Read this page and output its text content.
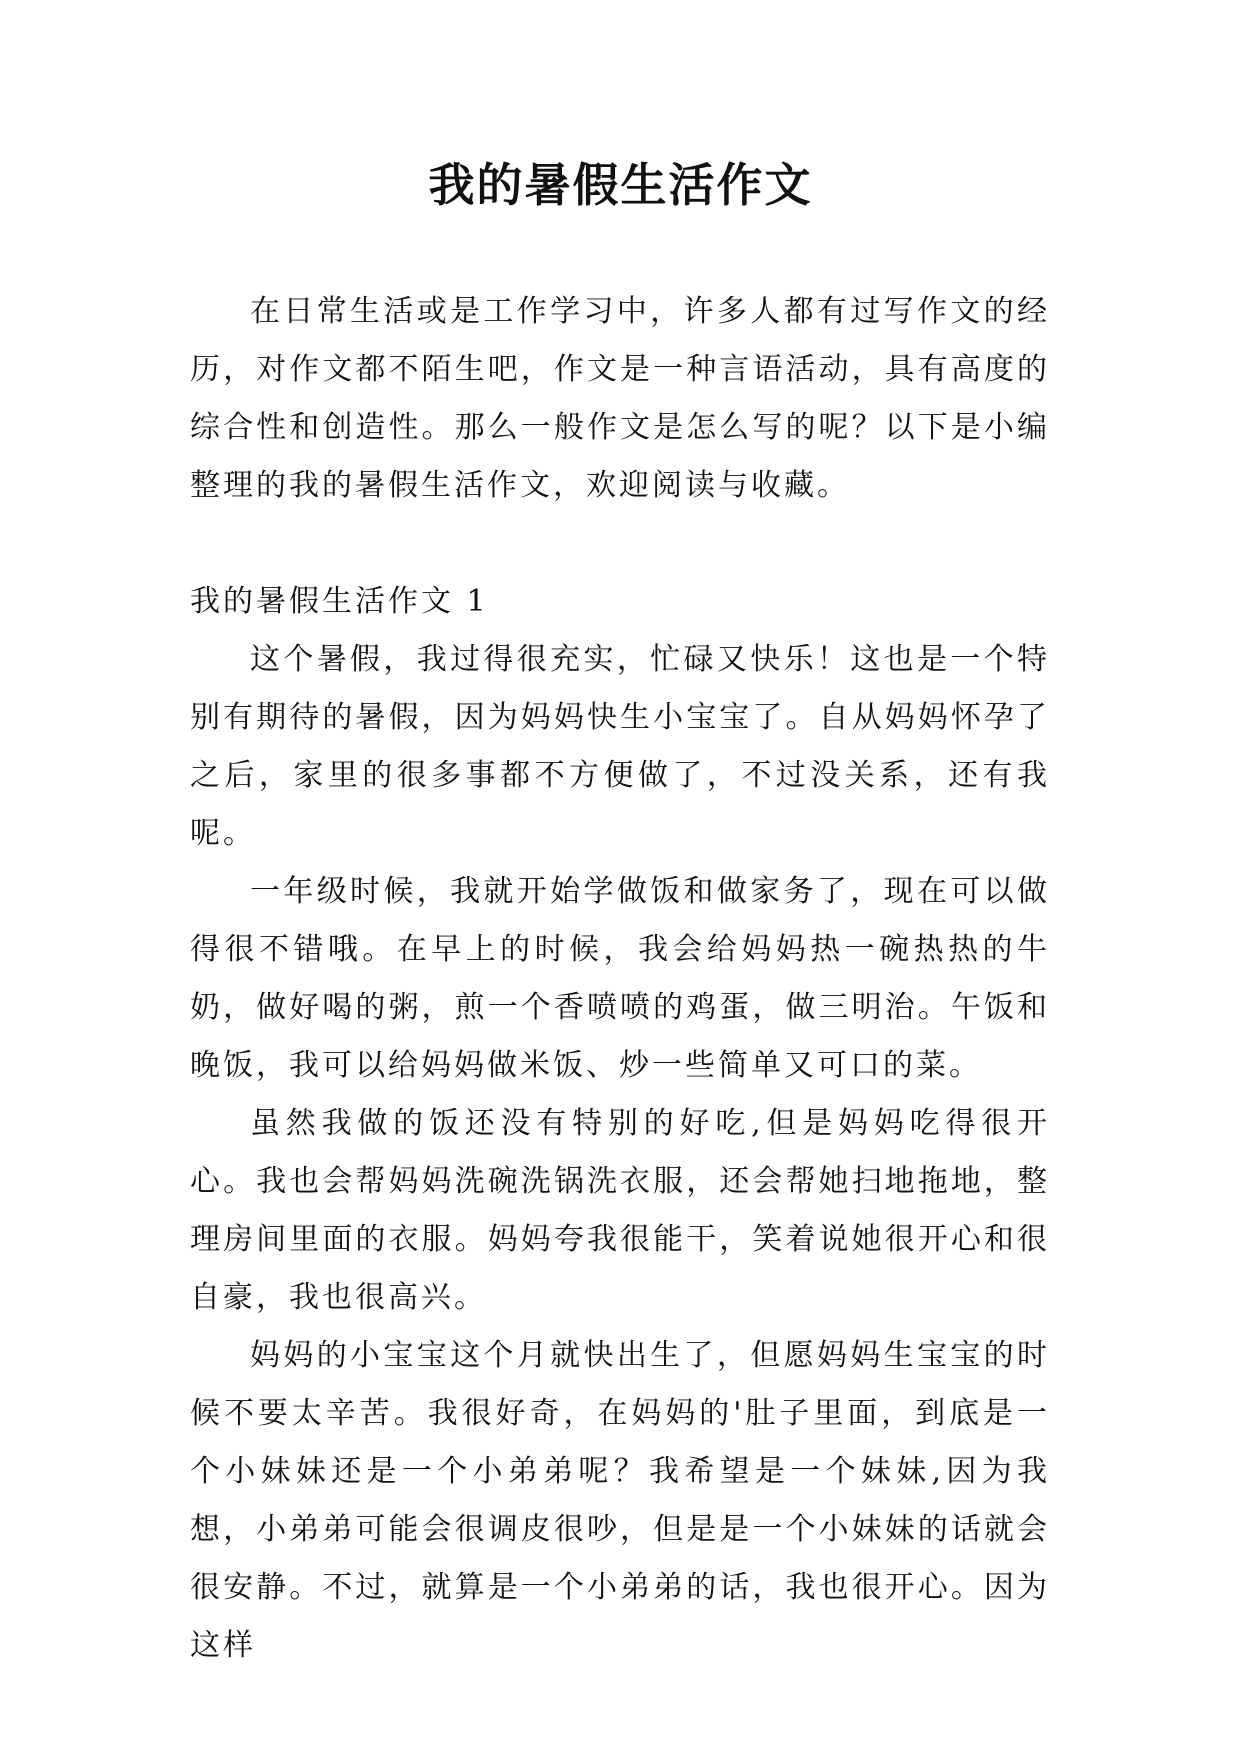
我的暑假生活作文

在日常生活或是工作学习中，许多人都有过写作文的经历，对作文都不陌生吧，作文是一种言语活动，具有高度的综合性和创造性。那么一般作文是怎么写的呢？以下是小编整理的我的暑假生活作文，欢迎阅读与收藏。

我的暑假生活作文 1

这个暑假，我过得很充实，忙碌又快乐！这也是一个特别有期待的暑假，因为妈妈快生小宝宝了。自从妈妈怀孕了之后，家里的很多事都不方便做了，不过没关系，还有我呢。

一年级时候，我就开始学做饭和做家务了，现在可以做得很不错哦。在早上的时候，我会给妈妈热一碗热热的牛奶，做好喝的粥，煎一个香喷喷的鸡蛋，做三明治。午饭和晚饭，我可以给妈妈做米饭、炒一些简单又可口的菜。

虽然我做的饭还没有特别的好吃,但是妈妈吃得很开心。我也会帮妈妈洗碗洗锅洗衣服，还会帮她扫地拖地，整理房间里面的衣服。妈妈夸我很能干，笑着说她很开心和很自豪，我也很高兴。

妈妈的小宝宝这个月就快出生了，但愿妈妈生宝宝的时候不要太辛苦。我很好奇，在妈妈的'肚子里面，到底是一个小妹妹还是一个小弟弟呢？我希望是一个妹妹,因为我想，小弟弟可能会很调皮很吵，但是是一个小妹妹的话就会很安静。不过，就算是一个小弟弟的话，我也很开心。因为这样
